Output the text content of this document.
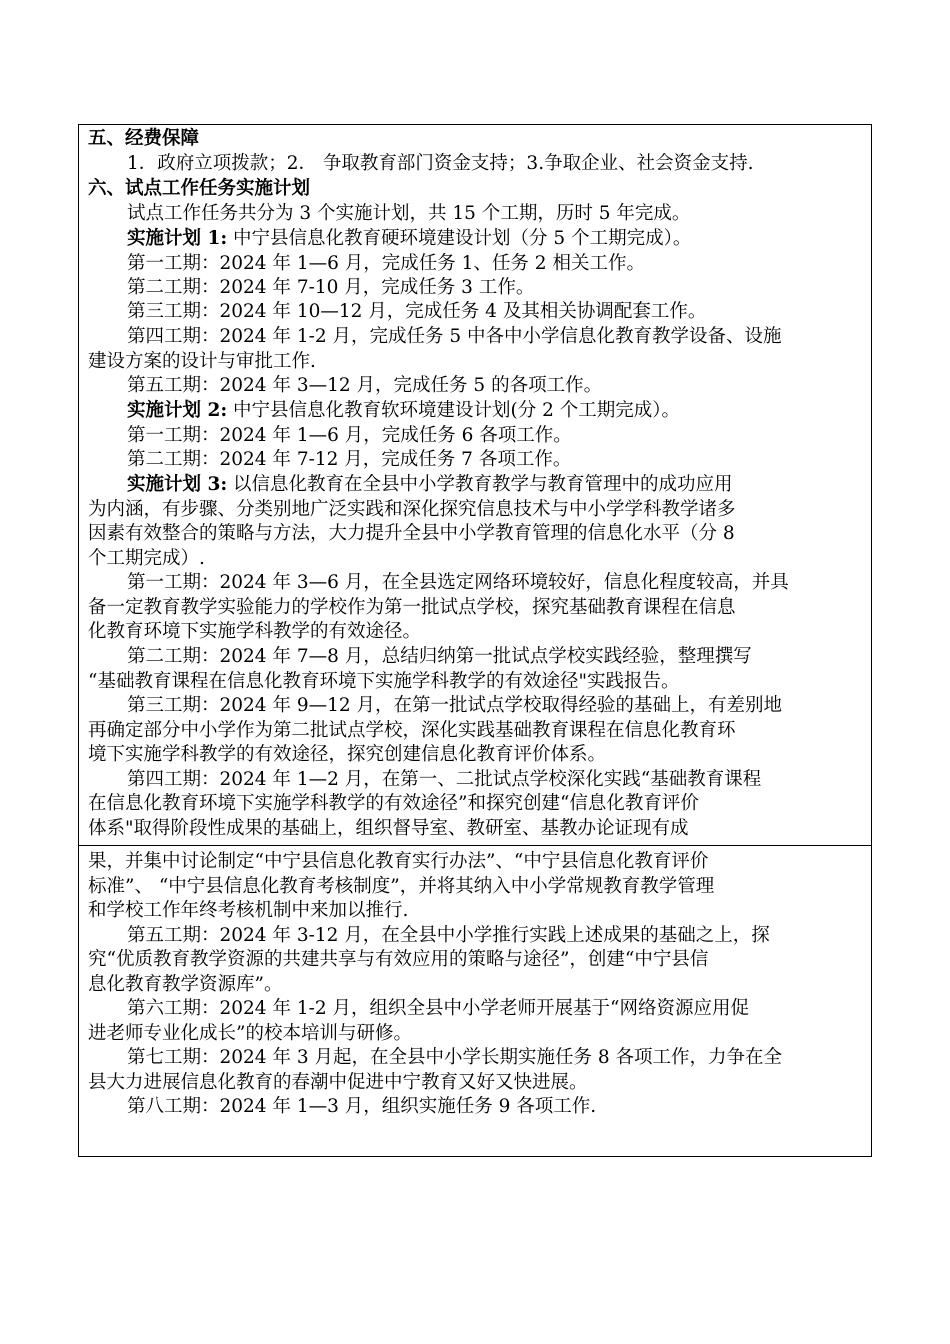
五、经费保障
1．政府立项拨款；2． 争取教育部门资金支持；3.争取企业、社会资金支持.
六、试点工作任务实施计划
试点工作任务共分为 3 个实施计划，共 15 个工期，历时 5 年完成。
实施计划 1: 中宁县信息化教育硬环境建设计划（分 5 个工期完成）。
第一工期：2024 年 1—6 月，完成任务 1、任务 2 相关工作。
第二工期：2024 年 7-10 月，完成任务 3 工作。
第三工期：2024 年 10—12 月，完成任务 4 及其相关协调配套工作。
第四工期：2024 年 1-2 月，完成任务 5 中各中小学信息化教育教学设备、设施
建设方案的设计与审批工作.
第五工期：2024 年 3—12 月，完成任务 5 的各项工作。
实施计划 2: 中宁县信息化教育软环境建设计划(分 2 个工期完成）。
第一工期：2024 年 1—6 月，完成任务 6 各项工作。
第二工期：2024 年 7-12 月，完成任务 7 各项工作。
实施计划 3: 以信息化教育在全县中小学教育教学与教育管理中的成功应用
为内涵，有步骤、分类别地广泛实践和深化探究信息技术与中小学学科教学诸多
因素有效整合的策略与方法，大力提升全县中小学教育管理的信息化水平（分 8
个工期完成）.
第一工期：2024 年 3—6 月，在全县选定网络环境较好，信息化程度较高，并具
备一定教育教学实验能力的学校作为第一批试点学校，探究基础教育课程在信息
化教育环境下实施学科教学的有效途径。
第二工期：2024 年 7—8 月，总结归纳第一批试点学校实践经验，整理撰写
“基础教育课程在信息化教育环境下实施学科教学的有效途径"实践报告。
第三工期：2024 年 9—12 月，在第一批试点学校取得经验的基础上，有差别地
再确定部分中小学作为第二批试点学校，深化实践基础教育课程在信息化教育环
境下实施学科教学的有效途径，探究创建信息化教育评价体系。
第四工期：2024 年 1—2 月，在第一、二批试点学校深化实践“基础教育课程
在信息化教育环境下实施学科教学的有效途径”和探究创建“信息化教育评价
体系"取得阶段性成果的基础上，组织督导室、教研室、基教办论证现有成
果，并集中讨论制定“中宁县信息化教育实行办法”、“中宁县信息化教育评价
标准”、 “中宁县信息化教育考核制度”，并将其纳入中小学常规教育教学管理
和学校工作年终考核机制中来加以推行.
第五工期：2024 年 3-12 月，在全县中小学推行实践上述成果的基础之上，探
究“优质教育教学资源的共建共享与有效应用的策略与途径”，创建“中宁县信
息化教育教学资源库”。
第六工期：2024 年 1-2 月，组织全县中小学老师开展基于“网络资源应用促
进老师专业化成长”的校本培训与研修。
第七工期：2024 年 3 月起，在全县中小学长期实施任务 8 各项工作，力争在全
县大力进展信息化教育的春潮中促进中宁教育又好又快进展。
第八工期：2024 年 1—3 月，组织实施任务 9 各项工作.
